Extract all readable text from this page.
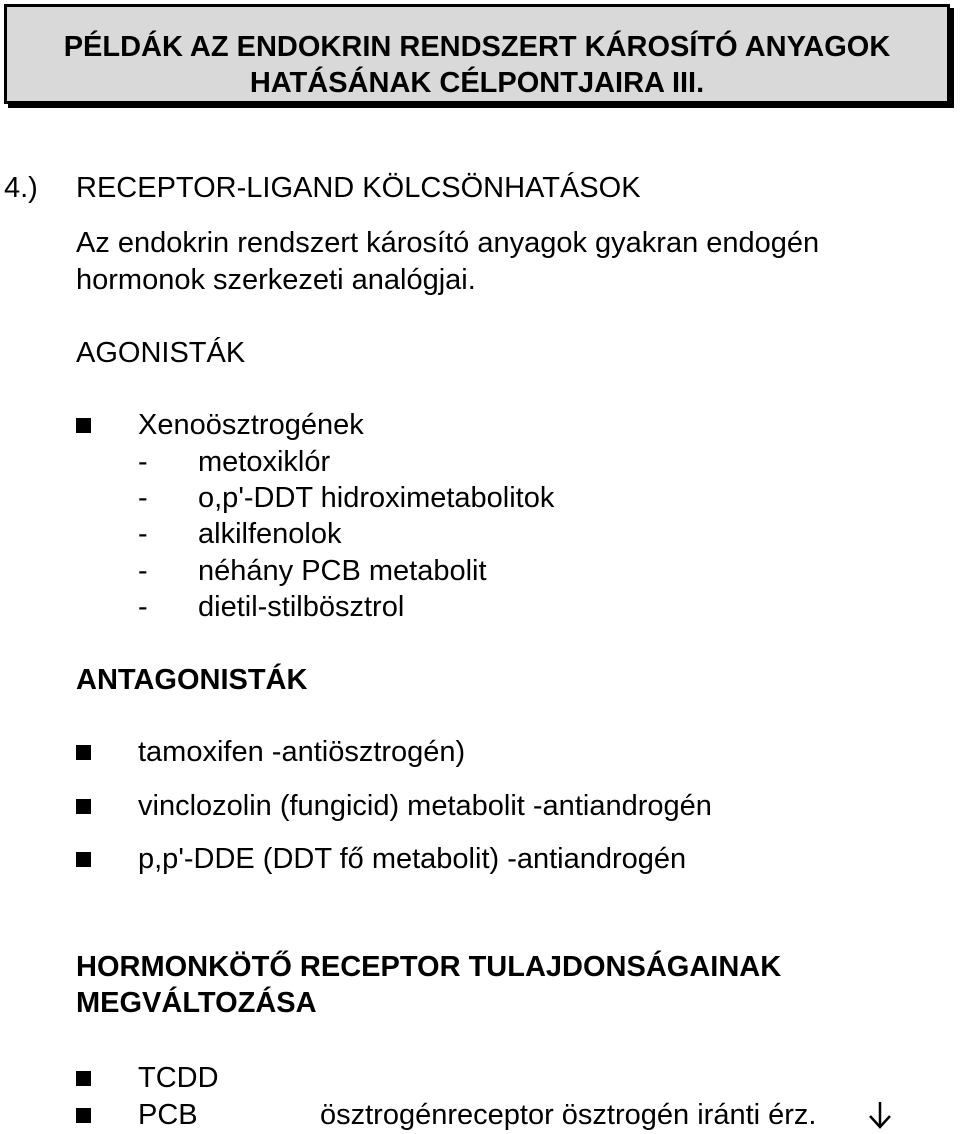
PÉLDÁK AZ ENDOKRIN RENDSZERT KÁROSÍTÓ ANYAGOK
HATÁSÁNAK CÉLPONTJAIRA III.
4.) RECEPTOR-LIGAND KÖLCSÖNHATÁSOK
Az endokrin rendszert károsító anyagok gyakran endogén
hormonok szerkezeti analógjai.
AGONISTÁK
Xenoösztrogének
- metoxiklór
- o,p'-DDT hidroximetabolitok
- alkilfenolok
- néhány PCB metabolit
- dietil-stilbösztrol
ANTAGONISTÁK
tamoxifen -antiösztrogén)
vinclozolin (fungicid) metabolit -antiandrogén
p,p'-DDE (DDT fő metabolit) -antiandrogén
HORMONKÖTŐ RECEPTOR TULAJDONSÁGAINAK
MEGVÁLTOZÁSA
TCDD
PCB	ösztrogénreceptor ösztrogén iránti érz.
